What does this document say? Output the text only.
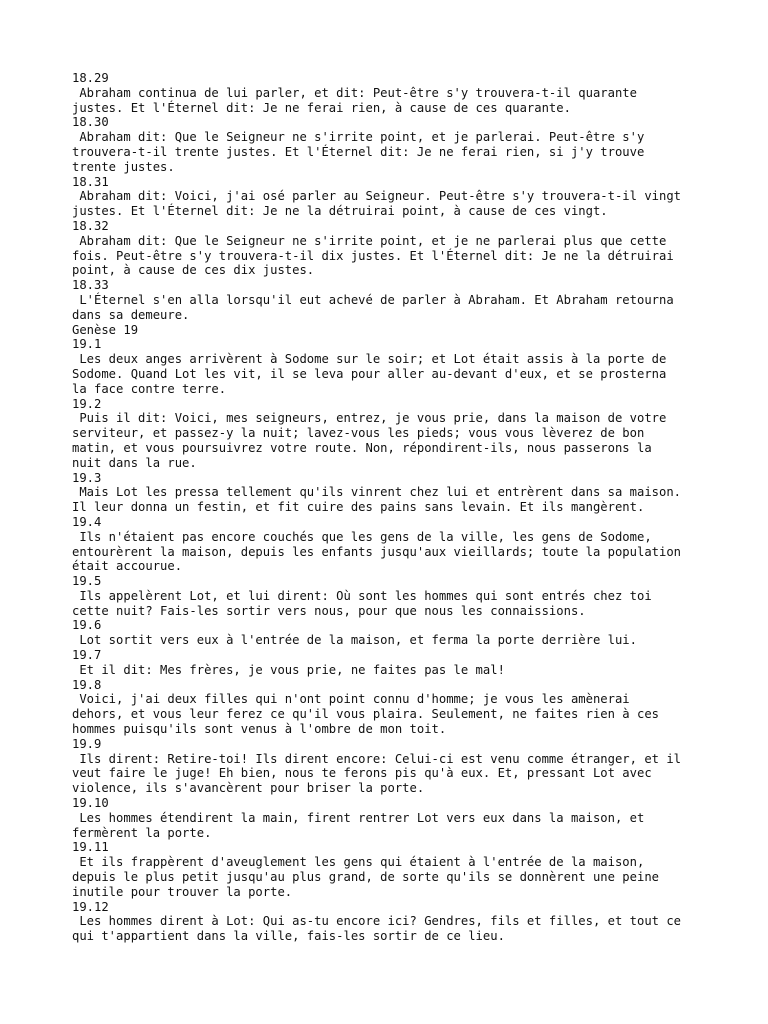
18.29
Abraham continua de lui parler, et dit: Peut-être s'y trouvera-t-il quarante
justes. Et l'Éternel dit: Je ne ferai rien, à cause de ces quarante.
18.30
Abraham dit: Que le Seigneur ne s'irrite point, et je parlerai. Peut-être s'y
trouvera-t-il trente justes. Et l'Éternel dit: Je ne ferai rien, si j'y trouve
trente justes.
18.31
Abraham dit: Voici, j'ai osé parler au Seigneur. Peut-être s'y trouvera-t-il vingt
justes. Et l'Éternel dit: Je ne la détruirai point, à cause de ces vingt.
18.32
Abraham dit: Que le Seigneur ne s'irrite point, et je ne parlerai plus que cette
fois. Peut-être s'y trouvera-t-il dix justes. Et l'Éternel dit: Je ne la détruirai
point, à cause de ces dix justes.
18.33
L'Éternel s'en alla lorsqu'il eut achevé de parler à Abraham. Et Abraham retourna
dans sa demeure.
Genèse 19
19.1
Les deux anges arrivèrent à Sodome sur le soir; et Lot était assis à la porte de
Sodome. Quand Lot les vit, il se leva pour aller au-devant d'eux, et se prosterna
la face contre terre.
19.2
Puis il dit: Voici, mes seigneurs, entrez, je vous prie, dans la maison de votre
serviteur, et passez-y la nuit; lavez-vous les pieds; vous vous lèverez de bon
matin, et vous poursuivrez votre route. Non, répondirent-ils, nous passerons la
nuit dans la rue.
19.3
Mais Lot les pressa tellement qu'ils vinrent chez lui et entrèrent dans sa maison.
Il leur donna un festin, et fit cuire des pains sans levain. Et ils mangèrent.
19.4
Ils n'étaient pas encore couchés que les gens de la ville, les gens de Sodome,
entourèrent la maison, depuis les enfants jusqu'aux vieillards; toute la population
était accourue.
19.5
Ils appelèrent Lot, et lui dirent: Où sont les hommes qui sont entrés chez toi
cette nuit? Fais-les sortir vers nous, pour que nous les connaissions.
19.6
Lot sortit vers eux à l'entrée de la maison, et ferma la porte derrière lui.
19.7
Et il dit: Mes frères, je vous prie, ne faites pas le mal!
19.8
Voici, j'ai deux filles qui n'ont point connu d'homme; je vous les amènerai
dehors, et vous leur ferez ce qu'il vous plaira. Seulement, ne faites rien à ces
hommes puisqu'ils sont venus à l'ombre de mon toit.
19.9
Ils dirent: Retire-toi! Ils dirent encore: Celui-ci est venu comme étranger, et il
veut faire le juge! Eh bien, nous te ferons pis qu'à eux. Et, pressant Lot avec
violence, ils s'avancèrent pour briser la porte.
19.10
Les hommes étendirent la main, firent rentrer Lot vers eux dans la maison, et
fermèrent la porte.
19.11
Et ils frappèrent d'aveuglement les gens qui étaient à l'entrée de la maison,
depuis le plus petit jusqu'au plus grand, de sorte qu'ils se donnèrent une peine
inutile pour trouver la porte.
19.12
Les hommes dirent à Lot: Qui as-tu encore ici? Gendres, fils et filles, et tout ce
qui t'appartient dans la ville, fais-les sortir de ce lieu.
